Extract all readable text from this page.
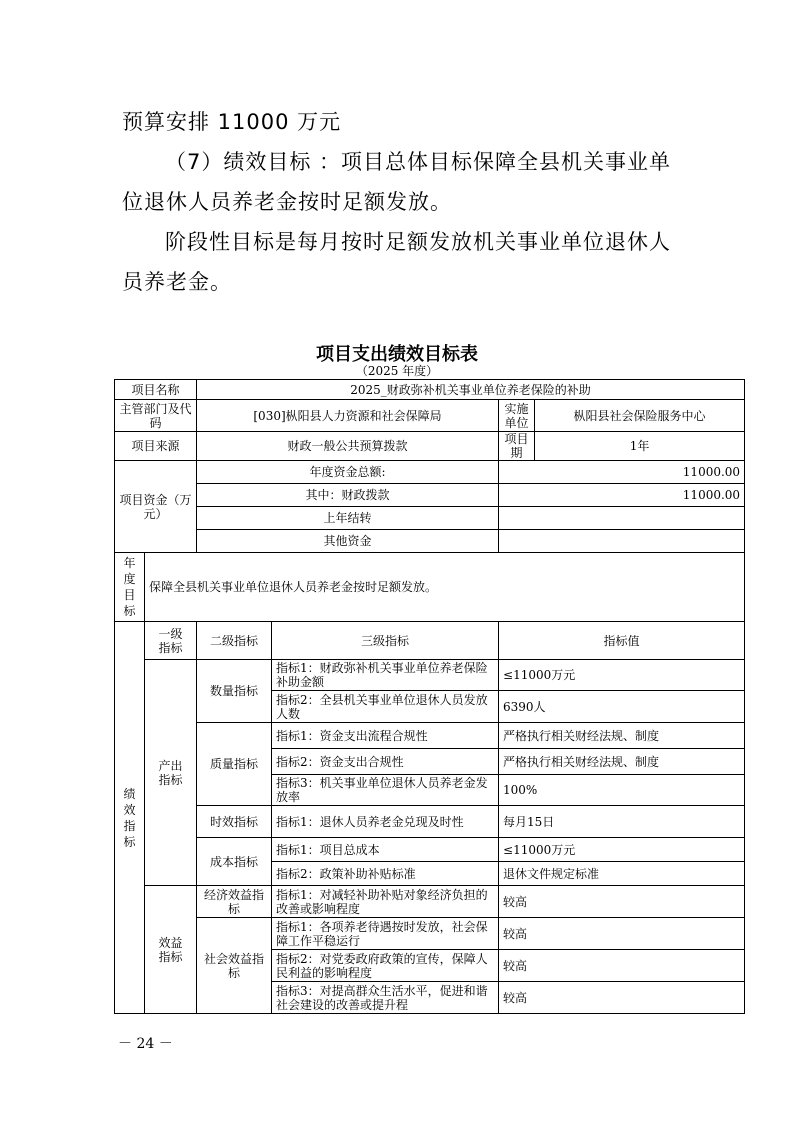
预算安排 11000 万元
（7）绩效目标 ：项目总体目标保障全县机关事业单
位退休人员养老金按时足额发放。
阶段性目标是每月按时足额发放机关事业单位退休人
员养老金。
项目支出绩效目标表
（2025 年度）
项目名称		2025_财政弥补机关事业单位养老保险的补助			
主管部门及代码		[030]枞阳县人力资源和社会保障局		实施单位	枞阳县社会保险服务中心
项目来源		财政一般公共预算拨款		项目期	1年
项目资金（万元）		年度资金总额:		11000.00	
		其中：财政拨款		11000.00	
		上年结转			
		其他资金			
年度目标	保障全县机关事业单位退休人员养老金按时足额发放。				
绩效指标	一级指标	二级指标	三级指标	指标值	
	产出指标	数量指标	指标1：财政弥补机关事业单位养老保险补助金额	≤11000万元	
			指标2：全县机关事业单位退休人员发放人数	6390人	
		质量指标	指标1：资金支出流程合规性	严格执行相关财经法规、制度	
			指标2：资金支出合规性	严格执行相关财经法规、制度	
			指标3：机关事业单位退休人员养老金发放率	100%	
		时效指标	指标1：退休人员养老金兑现及时性	每月15日	
		成本指标	指标1：项目总成本	≤11000万元	
			指标2：政策补助补贴标准	退休文件规定标准	
	效益指标	经济效益指标	指标1：对减轻补助补贴对象经济负担的改善或影响程度	较高	
		社会效益指标	指标1：各项养老待遇按时发放，社会保障工作平稳运行	较高	
			指标2：对党委政府政策的宣传，保障人民利益的影响程度	较高	
			指标3：对提高群众生活水平，促进和谐社会建设的改善或提升程	较高	
－ 24 －
